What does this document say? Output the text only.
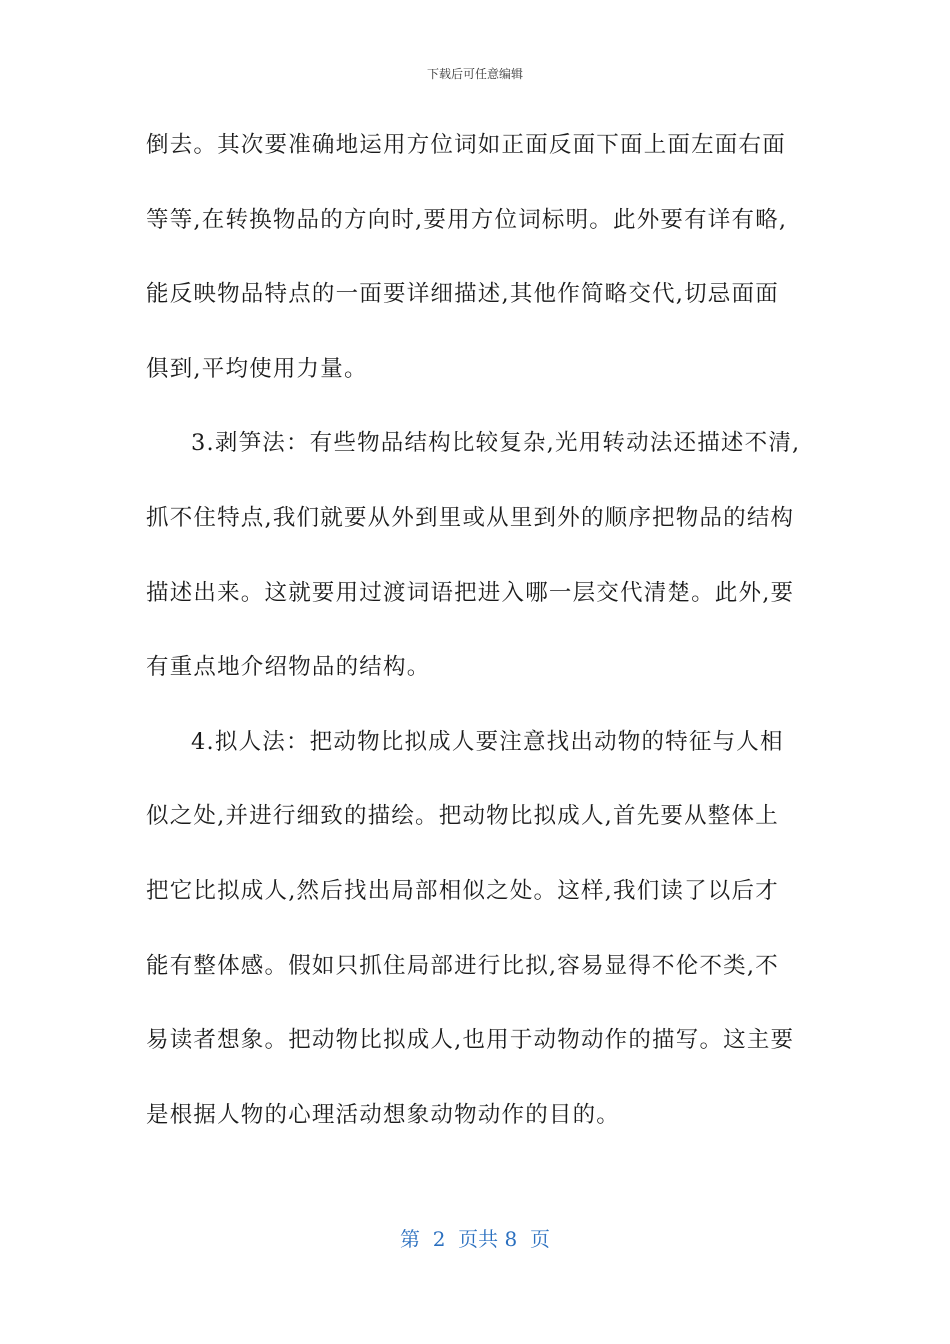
下载后可任意编辑
倒去。其次要准确地运用方位词如正面反面下面上面左面右面
等等,在转换物品的方向时,要用方位词标明。此外要有详有略,
能反映物品特点的一面要详细描述,其他作简略交代,切忌面面
俱到,平均使用力量。
3.剥笋法：有些物品结构比较复杂,光用转动法还描述不清,
抓不住特点,我们就要从外到里或从里到外的顺序把物品的结构
描述出来。这就要用过渡词语把进入哪一层交代清楚。此外,要
有重点地介绍物品的结构。
4.拟人法：把动物比拟成人要注意找出动物的特征与人相
似之处,并进行细致的描绘。把动物比拟成人,首先要从整体上
把它比拟成人,然后找出局部相似之处。这样,我们读了以后才
能有整体感。假如只抓住局部进行比拟,容易显得不伦不类,不
易读者想象。把动物比拟成人,也用于动物动作的描写。这主要
是根据人物的心理活动想象动物动作的目的。
第  2  页共 8  页
